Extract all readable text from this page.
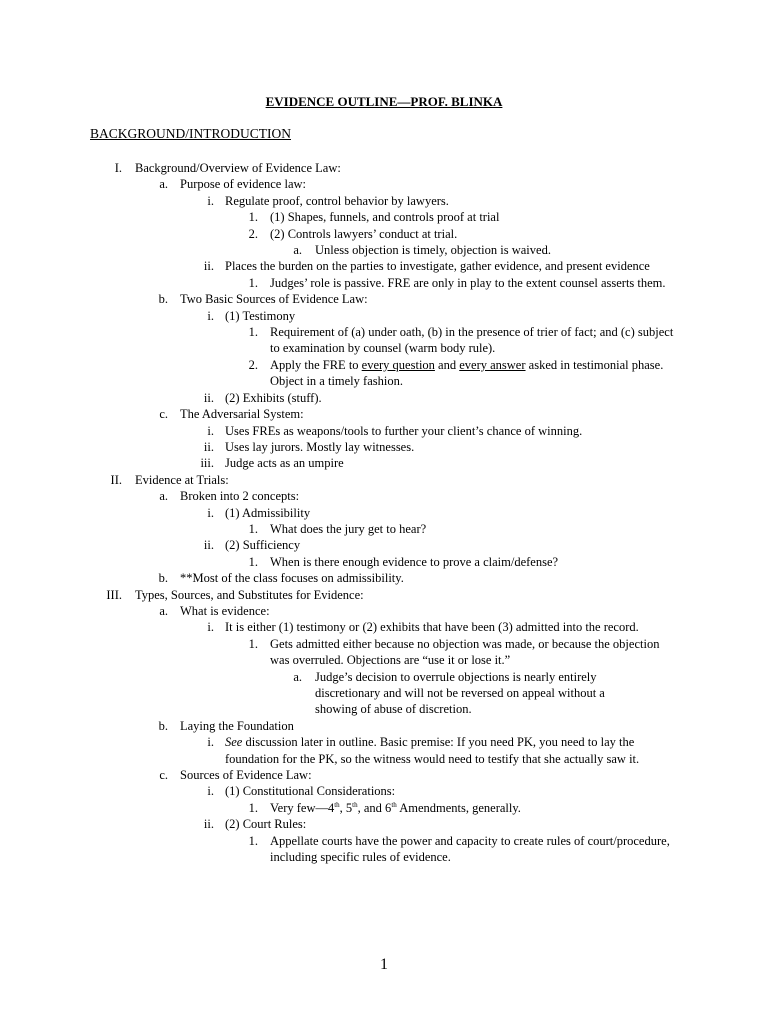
EVIDENCE OUTLINE—PROF. BLINKA
BACKGROUND/INTRODUCTION
I. Background/Overview of Evidence Law:
a. Purpose of evidence law:
i. Regulate proof, control behavior by lawyers.
1. (1) Shapes, funnels, and controls proof at trial
2. (2) Controls lawyers’ conduct at trial.
a. Unless objection is timely, objection is waived.
ii. Places the burden on the parties to investigate, gather evidence, and present evidence
1. Judges’ role is passive. FRE are only in play to the extent counsel asserts them.
b. Two Basic Sources of Evidence Law:
i. (1) Testimony
1. Requirement of (a) under oath, (b) in the presence of trier of fact; and (c) subject to examination by counsel (warm body rule).
2. Apply the FRE to every question and every answer asked in testimonial phase. Object in a timely fashion.
ii. (2) Exhibits (stuff).
c. The Adversarial System:
i. Uses FREs as weapons/tools to further your client’s chance of winning.
ii. Uses lay jurors. Mostly lay witnesses.
iii. Judge acts as an umpire
II. Evidence at Trials:
a. Broken into 2 concepts:
i. (1) Admissibility
1. What does the jury get to hear?
ii. (2) Sufficiency
1. When is there enough evidence to prove a claim/defense?
b. **Most of the class focuses on admissibility.
III. Types, Sources, and Substitutes for Evidence:
a. What is evidence:
i. It is either (1) testimony or (2) exhibits that have been (3) admitted into the record.
1. Gets admitted either because no objection was made, or because the objection was overruled. Objections are “use it or lose it.”
a. Judge’s decision to overrule objections is nearly entirely discretionary and will not be reversed on appeal without a showing of abuse of discretion.
b. Laying the Foundation
i. See discussion later in outline. Basic premise: If you need PK, you need to lay the foundation for the PK, so the witness would need to testify that she actually saw it.
c. Sources of Evidence Law:
i. (1) Constitutional Considerations:
1. Very few—4th, 5th, and 6th Amendments, generally.
ii. (2) Court Rules:
1. Appellate courts have the power and capacity to create rules of court/procedure, including specific rules of evidence.
1
